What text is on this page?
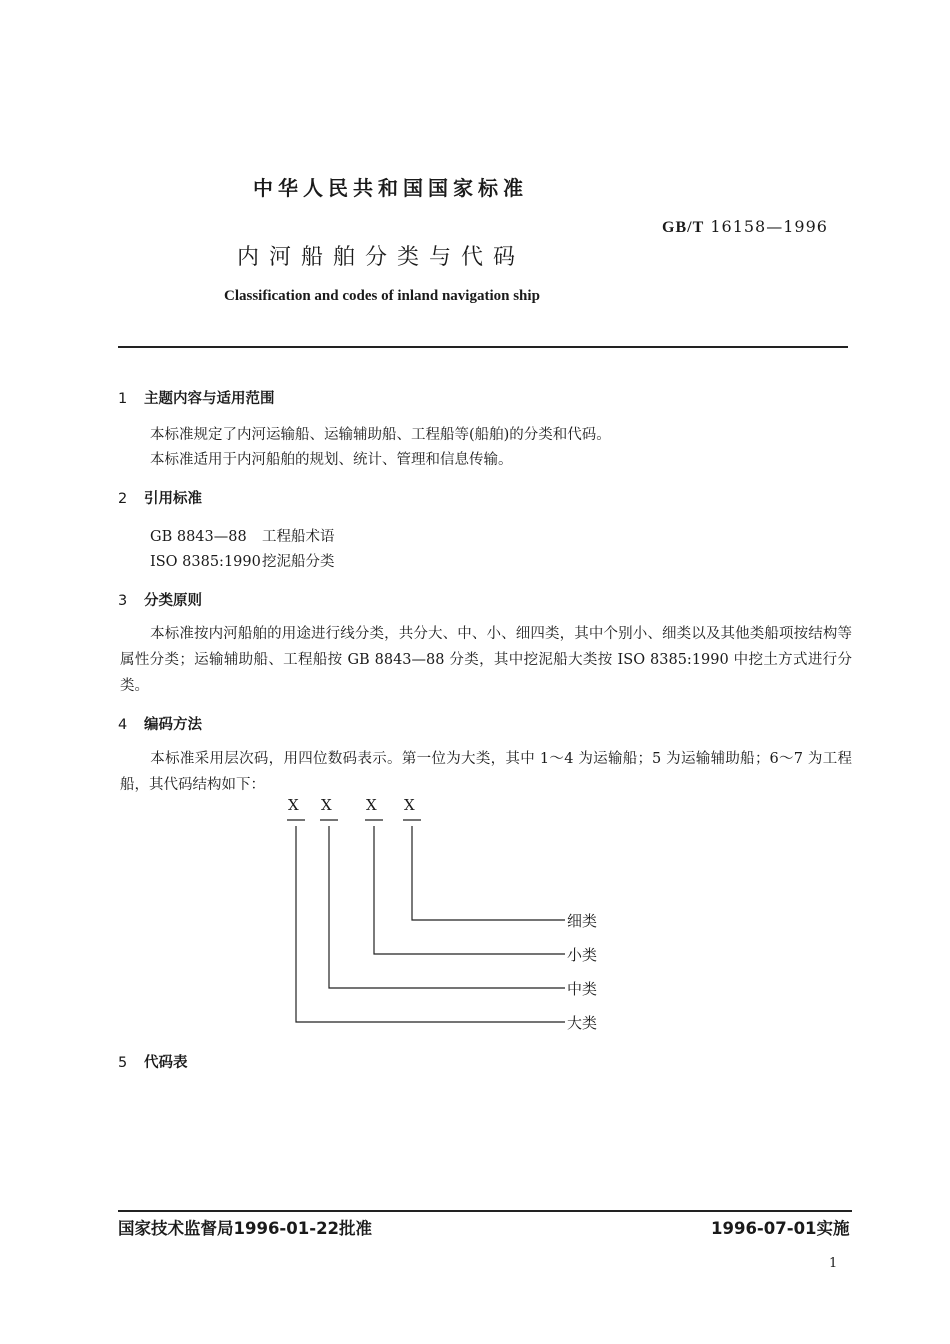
中华人民共和国国家标准
GB/T 16158—1996
内河船舶分类与代码
Classification and codes of inland navigation ship
1 主题内容与适用范围
本标准规定了内河运输船、运输辅助船、工程船等(船舶)的分类和代码。
本标准适用于内河船舶的规划、统计、管理和信息传输。
2 引用标准
GB 8843—88 工程船术语
ISO 8385:1990挖泥船分类
3 分类原则
本标准按内河船舶的用途进行线分类，共分大、中、小、细四类，其中个别小、细类以及其他类船项按结构等属性分类；运输辅助船、工程船按 GB 8843—88 分类，其中挖泥船大类按 ISO 8385:1990 中挖土方式进行分类。
4 编码方法
本标准采用层次码，用四位数码表示。第一位为大类，其中 1～4 为运输船；5 为运输辅助船；6～7 为工程船，其代码结构如下：
X X X X
细类
小类
中类
大类
5 代码表
国家技术监督局1996-01-22批准	1996-07-01实施
1
